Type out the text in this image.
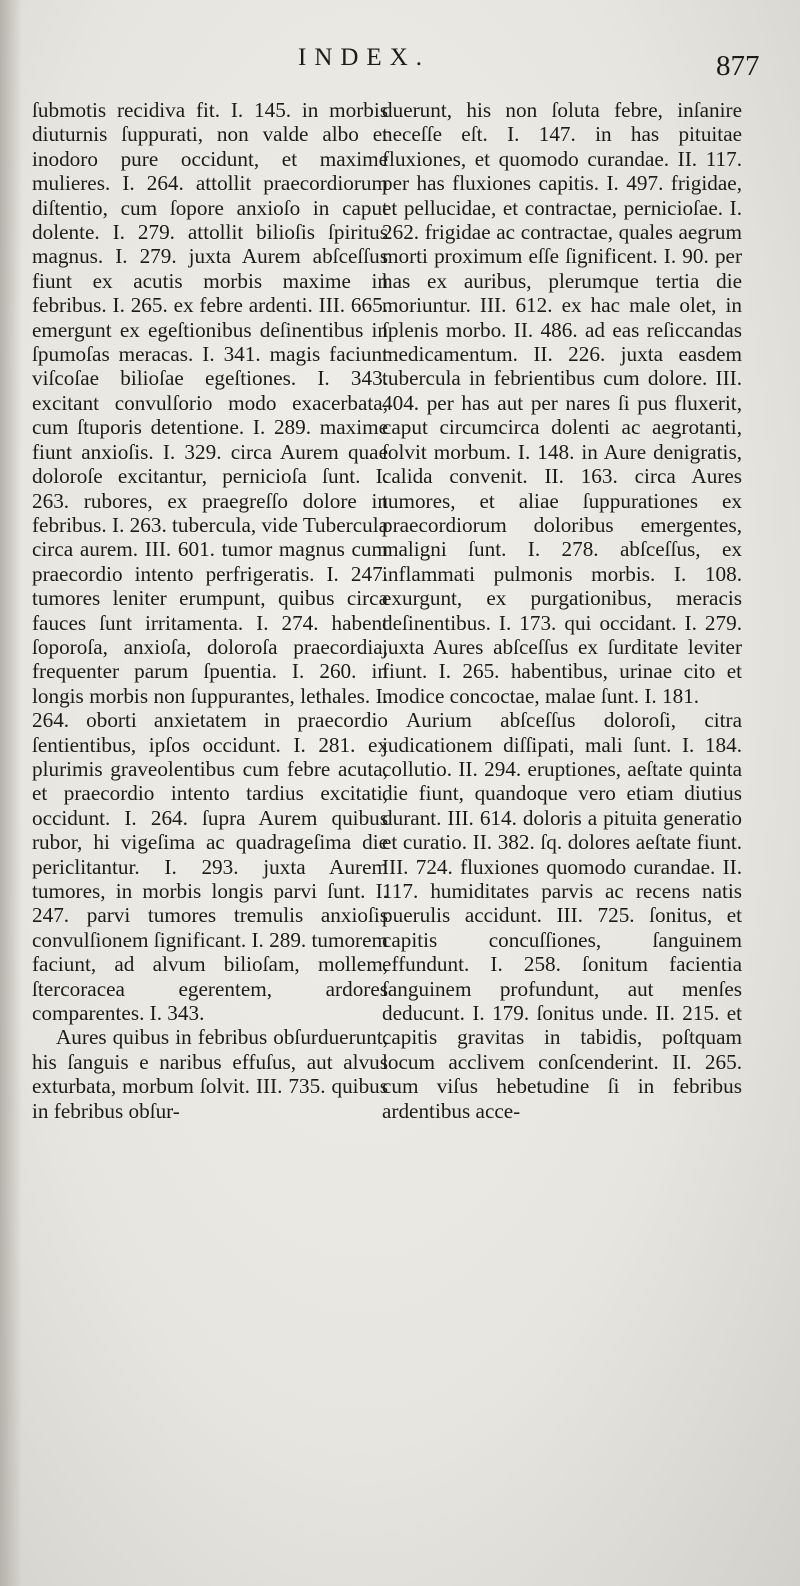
INDEX.	877

ſubmotis recidiva fit. I. 145. in morbis diuturnis ſuppurati, non valde albo et inodoro pure occidunt, et maxime mulieres. I. 264. attollit praecordiorum diſtentio, cum ſopore anxioſo in caput dolente. I. 279. attollit bilioſis ſpiritus magnus. I. 279. juxta Aurem abſceſſus fiunt ex acutis morbis maxime in febribus. I. 265. ex febre ardenti. III. 665. emergunt ex egeſtionibus deſinentibus in ſpumoſas meracas. I. 341. magis faciunt viſcoſae bilioſae egeſtiones. I. 343. excitant convulſorio modo exacerbata, cum ſtuporis detentione. I. 289. maxime fiunt anxioſis. I. 329. circa Aurem quae doloroſe excitantur, pernicioſa ſunt. I. 263. rubores, ex praegreſſo dolore in febribus. I. 263. tubercula, vide Tubercula circa aurem. III. 601. tumor magnus cum praecordio intento perfrigeratis. I. 247. tumores leniter erumpunt, quibus circa fauces ſunt irritamenta. I. 274. habent ſoporoſa, anxioſa, doloroſa praecordia, frequenter parum ſpuentia. I. 260. in longis morbis non ſuppurantes, lethales. I. 264. oborti anxietatem in praecordio ſentientibus, ipſos occidunt. I. 281. ex plurimis graveolentibus cum febre acuta, et praecordio intento tardius excitati, occidunt. I. 264. ſupra Aurem quibus rubor, hi vigeſima ac quadrageſima die periclitantur. I. 293. juxta Aurem tumores, in morbis longis parvi ſunt. I. 247. parvi tumores tremulis anxioſis convulſionem ſignificant. I. 289. tumorem faciunt, ad alvum bilioſam, mollem, ſtercoracea egerentem, ardores comparentes. I. 343.

Aures quibus in febribus obſurduerunt, his ſanguis e naribus effuſus, aut alvus exturbata, morbum ſolvit. III. 735. quibus in febribus obſur-

duerunt, his non ſoluta febre, inſanire neceſſe eſt. I. 147. in has pituitae fluxiones, et quomodo curandae. II. 117. per has fluxiones capitis. I. 497. frigidae, et pellucidae, et contractae, pernicioſae. I. 262. frigidae ac contractae, quales aegrum morti proximum eſſe ſignificent. I. 90. per has ex auribus, plerumque tertia die moriuntur. III. 612. ex hac male olet, in ſplenis morbo. II. 486. ad eas reſiccandas medicamentum. II. 226. juxta easdem tubercula in febrientibus cum dolore. III. 404. per has aut per nares ſi pus fluxerit, caput circumcirca dolenti ac aegrotanti, ſolvit morbum. I. 148. in Aure denigratis, calida convenit. II. 163. circa Aures tumores, et aliae ſuppurationes ex praecordiorum doloribus emergentes, maligni ſunt. I. 278. abſceſſus, ex inflammati pulmonis morbis. I. 108. exurgunt, ex purgationibus, meracis deſinentibus. I. 173. qui occidant. I. 279. juxta Aures abſceſſus ex ſurditate leviter fiunt. I. 265. habentibus, urinae cito et modice concoctae, malae ſunt. I. 181.

Aurium abſceſſus doloroſi, citra judicationem diſſipati, mali ſunt. I. 184. collutio. II. 294. eruptiones, aeſtate quinta die fiunt, quandoque vero etiam diutius durant. III. 614. doloris a pituita generatio et curatio. II. 382. ſq. dolores aeſtate fiunt. III. 724. fluxiones quomodo curandae. II. 117. humiditates parvis ac recens natis puerulis accidunt. III. 725. ſonitus, et capitis concuſſiones, ſanguinem effundunt. I. 258. ſonitum facientia ſanguinem profundunt, aut menſes deducunt. I. 179. ſonitus unde. II. 215. et capitis gravitas in tabidis, poſtquam locum acclivem conſcenderint. II. 265. cum viſus hebetudine ſi in febribus ardentibus acce-
